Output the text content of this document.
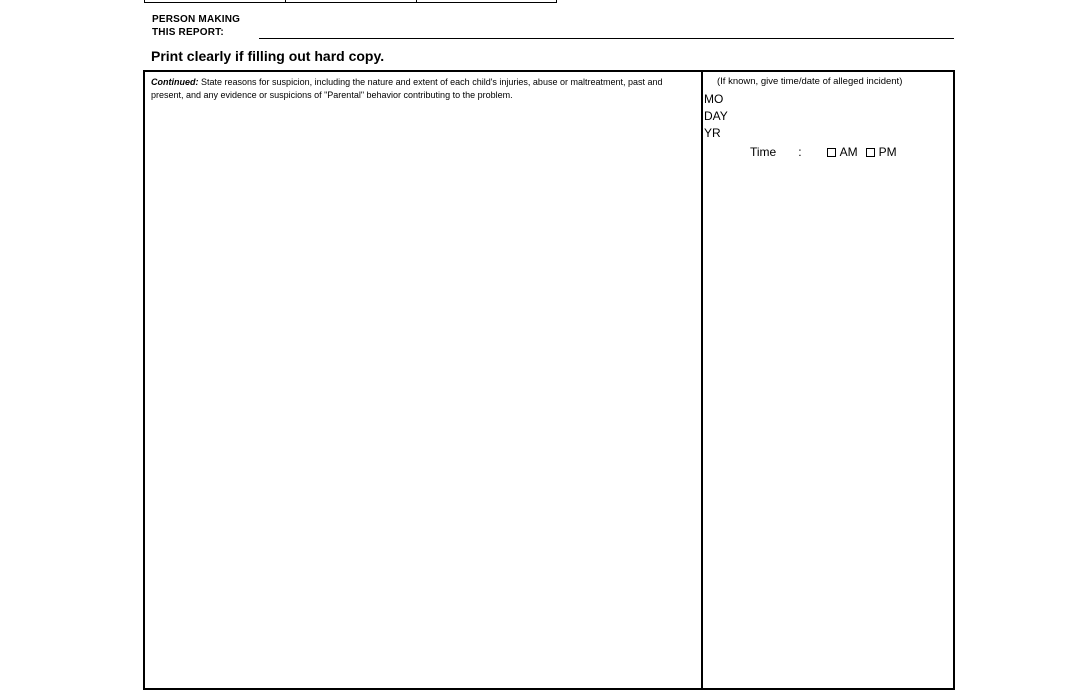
PERSON MAKING
THIS REPORT:
Print clearly if filling out hard copy.
Continued: State reasons for suspicion, including the nature and extent of each child's injuries, abuse or maltreatment, past and present, and any evidence or suspicions of "Parental" behavior contributing to the problem.
(If known, give time/date of alleged incident)
MO
DAY
YR
Time :	AM PM
